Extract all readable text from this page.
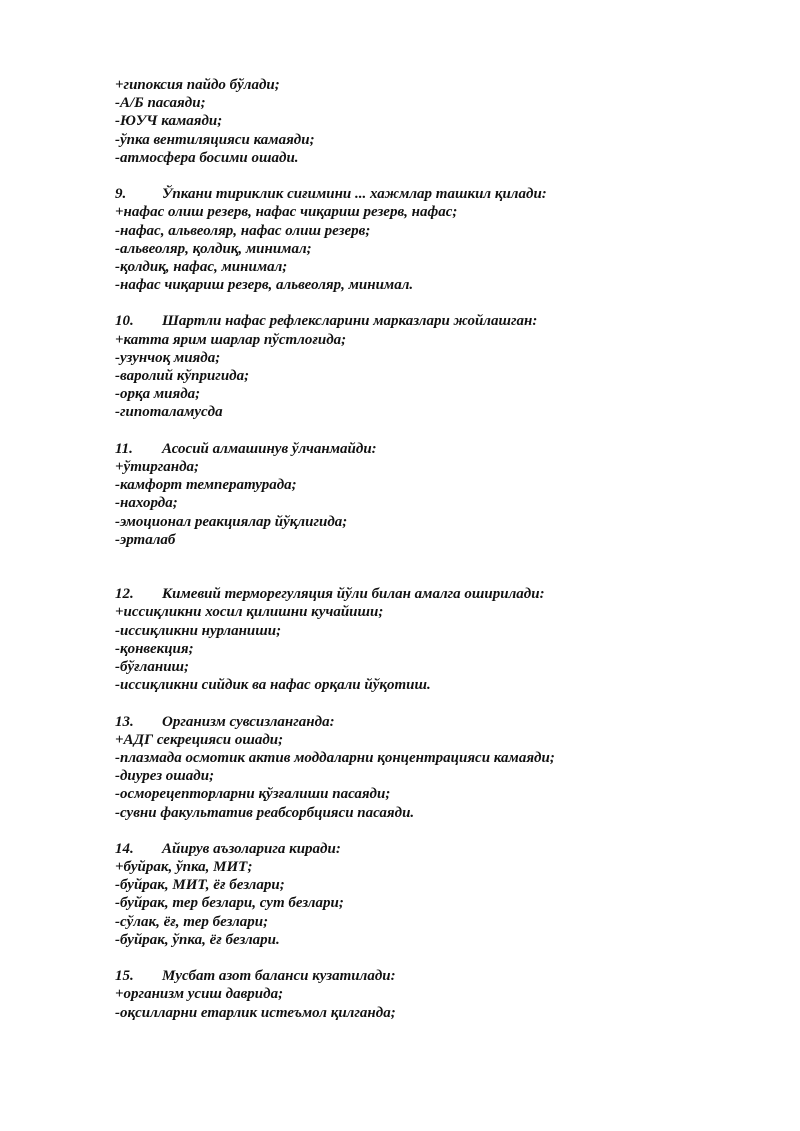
+гипоксия пайдо бўлади;
-А/Б пасаяди;
-ЮУЧ камаяди;
-ўпка вентиляцияси камаяди;
-атмосфера босими ошади.
9. Ўпкани тириклик сиғимини ... хажмлар ташкил қилади:
+нафас олиш резерв, нафас чиқариш резерв, нафас;
-нафас, альвеоляр, нафас олиш резерв;
-альвеоляр, қолдиқ, минимал;
-қолдиқ, нафас, минимал;
-нафас чиқариш резерв, альвеоляр, минимал.
10. Шартли нафас рефлексларини марказлари жойлашган:
+катта ярим шарлар пўстлоғида;
-узунчоқ мияда;
-варолий кўпригида;
-орқа мияда;
-гипоталамусда
11. Асосий алмашинув ўлчанмайди:
+ўтирганда;
-камфорт температурада;
-нахорда;
-эмоционал реакциялар йўқлигида;
-эрталаб
12. Кимевий терморегуляция йўли билан амалга оширилади:
+иссиқликни хосил қилишни кучайиши;
-иссиқликни нурланиши;
-қонвекция;
-бўғланиш;
-иссиқликни сийдик ва нафас орқали йўқотиш.
13. Организм сувсизланганда:
+АДГ секрецияси ошади;
-плазмада осмотик актив моддаларни қонцентрацияси камаяди;
-диурез ошади;
-осморецепторларни қўзғалиши пасаяди;
-сувни факультатив реабсорбцияси пасаяди.
14. Айирув аъзоларига киради:
+буйрак, ўпка, МИТ;
-буйрак, МИТ, ёғ безлари;
-буйрак, тер безлари, сут безлари;
-сўлак, ёғ, тер безлари;
-буйрак, ўпка, ёғ безлари.
15. Мусбат азот баланси кузатилади:
+организм усиш даврида;
-оқсилларни етарлик истеъмол қилганда;
